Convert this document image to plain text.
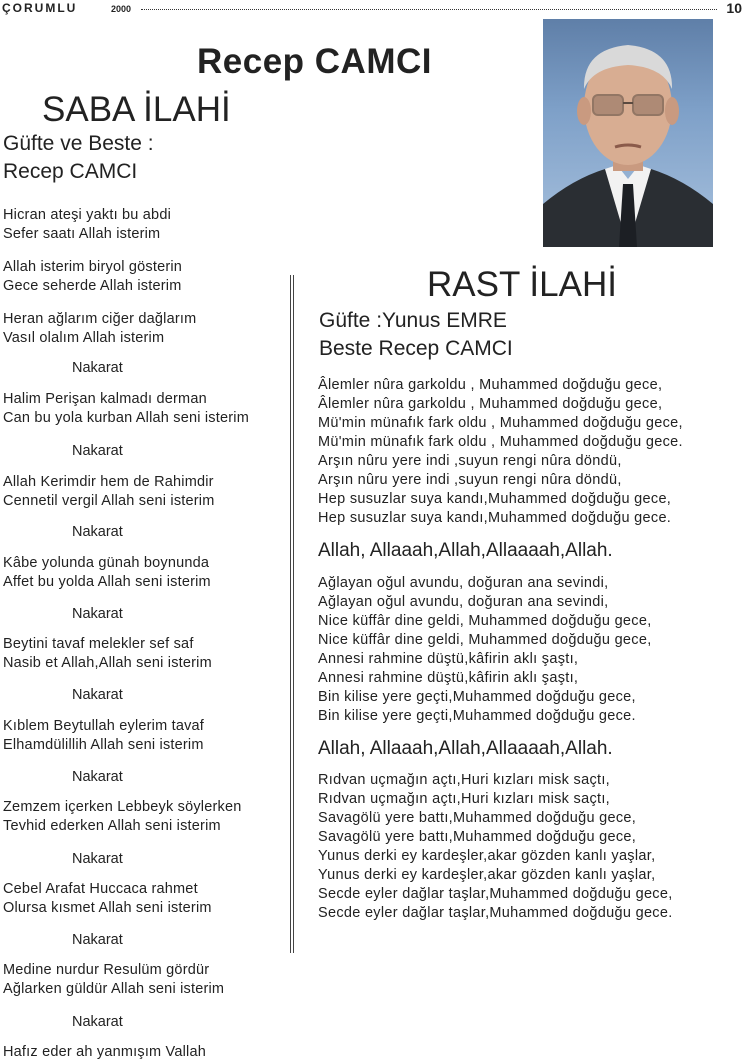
ÇORUMLU	2000	10
Recep CAMCI
SABA İLAHİ
Güfte ve Beste :
Recep CAMCI
Hicran ateşi yaktı bu abdi
Sefer saatı Allah isterim
Allah isterim biryol gösterin
Gece seherde Allah isterim
Heran ağlarım ciğer dağlarım
Vasıl olalım Allah isterim
Nakarat
Halim Perişan kalmadı derman
Can bu yola kurban Allah seni isterim
Nakarat
Allah Kerimdir hem de Rahimdir
Cennetil vergil Allah seni isterim
Nakarat
Kâbe yolunda günah boynunda
Affet bu yolda Allah seni isterim
Nakarat
Beytini tavaf melekler sef saf
Nasib et Allah,Allah seni isterim
Nakarat
Kıblem Beytullah eylerim tavaf
Elhamdülillih Allah seni isterim
Nakarat
Zemzem içerken Lebbeyk söylerken
Tevhid ederken Allah seni isterim
Nakarat
Cebel Arafat Huccaca rahmet
Olursa kısmet Allah seni isterim
Nakarat
Medine nurdur Resulüm gördür
Ağlarken güldür Allah seni isterim
Nakarat
Hafız eder ah yanmışım Vallah
RAST İLAHİ
Güfte :Yunus EMRE
Beste Recep CAMCI
Âlemler nûra garkoldu , Muhammed doğduğu gece,
Âlemler nûra garkoldu , Muhammed doğduğu gece,
Mü'min münafık fark oldu , Muhammed doğduğu gece,
Mü'min münafık fark oldu , Muhammed doğduğu gece.
Arşın nûru yere indi ,suyun rengi nûra döndü,
Arşın nûru yere indi ,suyun rengi nûra döndü,
Hep susuzlar suya kandı,Muhammed doğduğu gece,
Hep susuzlar suya kandı,Muhammed doğduğu gece.
Allah, Allaaah,Allah,Allaaaah,Allah.
Ağlayan oğul avundu, doğuran ana sevindi,
Ağlayan oğul avundu, doğuran ana sevindi,
Nice küffâr dine geldi, Muhammed doğduğu gece,
Nice küffâr dine geldi, Muhammed doğduğu gece,
Annesi rahmine düştü,kâfirin aklı şaştı,
Annesi rahmine düştü,kâfirin aklı şaştı,
Bin kilise yere geçti,Muhammed doğduğu gece,
Bin kilise yere geçti,Muhammed doğduğu gece.
Allah, Allaaah,Allah,Allaaaah,Allah.
Rıdvan uçmağın açtı,Huri kızları misk saçtı,
Rıdvan uçmağın açtı,Huri kızları misk saçtı,
Savagölü yere battı,Muhammed doğduğu gece,
Savagölü yere battı,Muhammed doğduğu gece,
Yunus derki ey kardeşler,akar gözden kanlı yaşlar,
Yunus derki ey kardeşler,akar gözden kanlı yaşlar,
Secde eyler dağlar taşlar,Muhammed doğduğu gece,
Secde eyler dağlar taşlar,Muhammed doğduğu gece.
